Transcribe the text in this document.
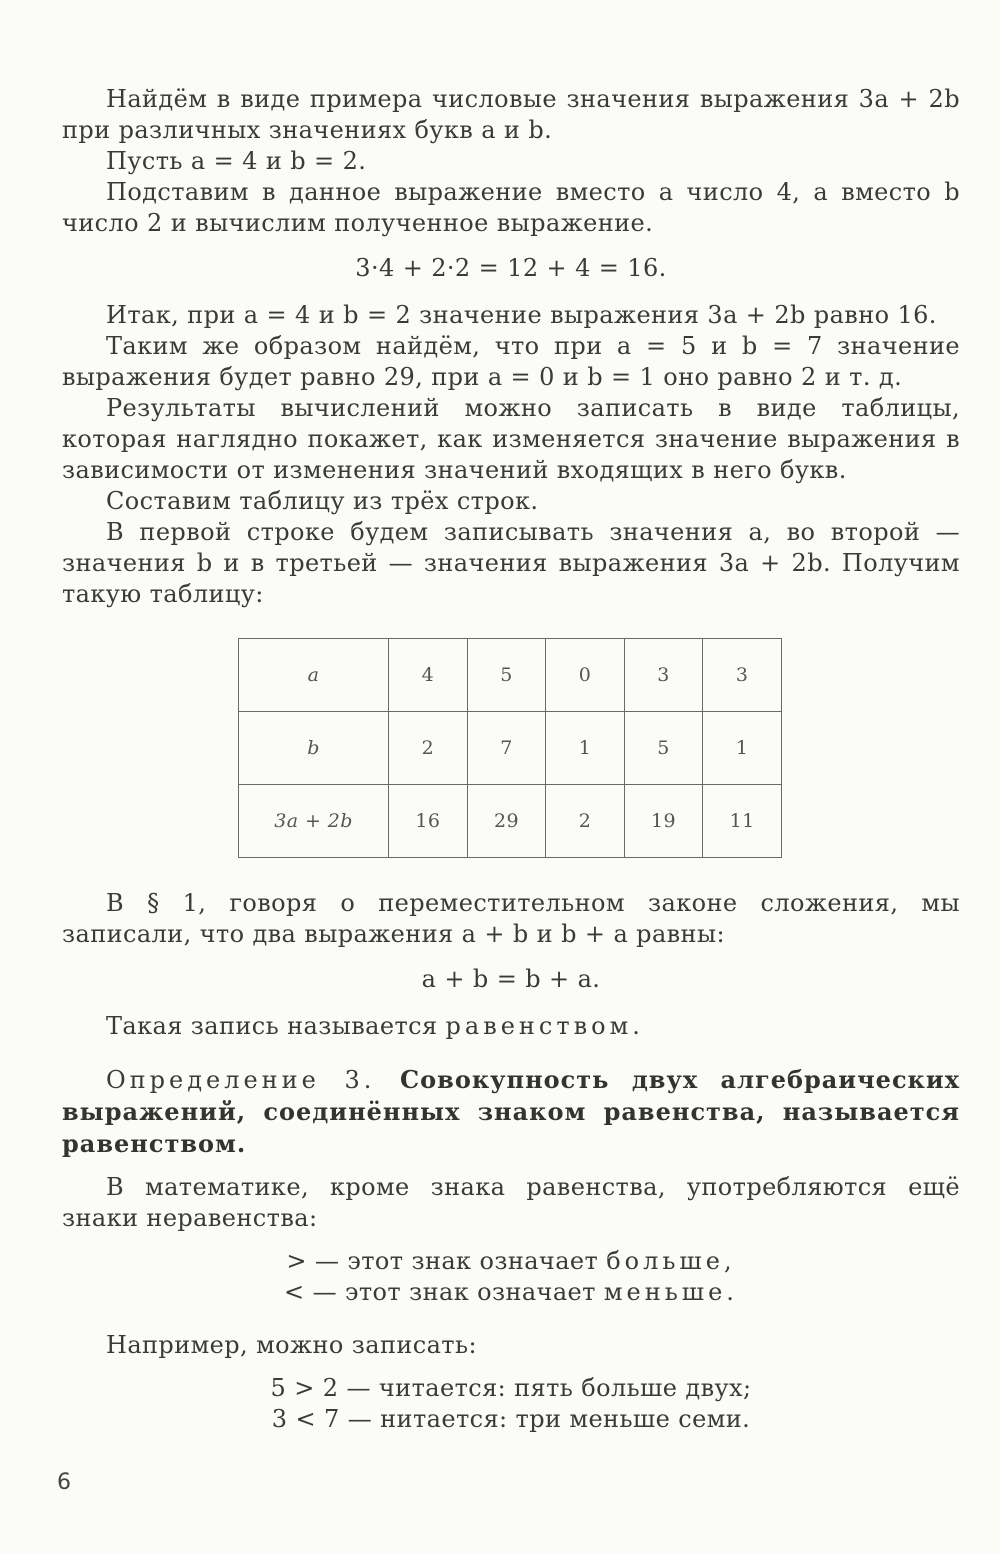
Найдём в виде примера числовые значения выражения 3a + 2b при различных значениях букв a и b.

Пусть a = 4 и b = 2.

Подставим в данное выражение вместо a число 4, а вместо b число 2 и вычислим полученное выражение.

3·4 + 2·2 = 12 + 4 = 16.

Итак, при a = 4 и b = 2 значение выражения 3a + 2b равно 16.

Таким же образом найдём, что при a = 5 и b = 7 значение выражения будет равно 29, при a = 0 и b = 1 оно равно 2 и т. д.

Результаты вычислений можно записать в виде таблицы, которая наглядно покажет, как изменяется значение выражения в зависимости от изменения значений входящих в него букв.

Составим таблицу из трёх строк.

В первой строке будем записывать значения a, во второй — значения b и в третьей — значения выражения 3a + 2b. Получим такую таблицу:

a	4	5	0	3	3
b	2	7	1	5	1
3a + 2b	16	29	2	19	11

В § 1, говоря о переместительном законе сложения, мы записали, что два выражения a + b и b + a равны:

a + b = b + a.

Такая запись называется равенством.

Определение 3. Совокупность двух алгебраических выражений, соединённых знаком равенства, называется равенством.

В математике, кроме знака равенства, употребляются ещё знаки неравенства:

> — этот знак означает больше,
< — этот знак означает меньше.

Например, можно записать:

5 > 2 — читается: пять больше двух;
3 < 7 — нитается: три меньше семи.
6
